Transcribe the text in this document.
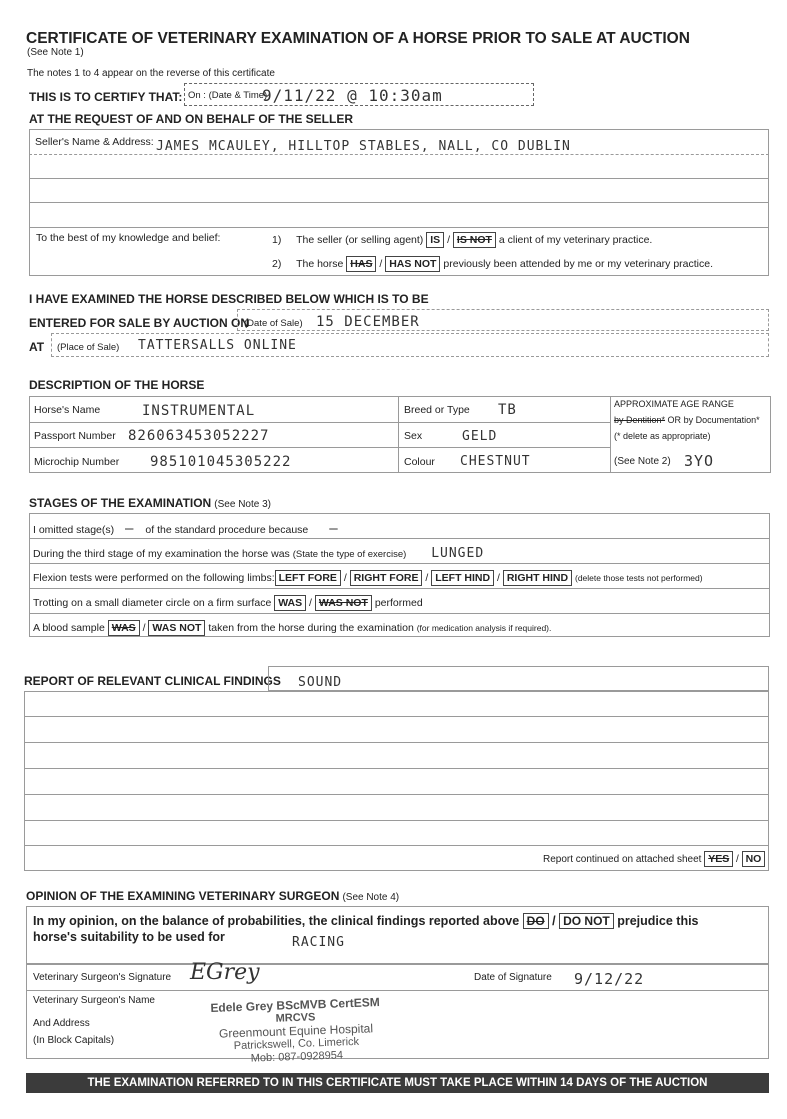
CERTIFICATE OF VETERINARY EXAMINATION OF A HORSE PRIOR TO SALE AT AUCTION
(See Note 1)
The notes 1 to 4 appear on the reverse of this certificate
THIS IS TO CERTIFY THAT: On : (Date & Time)
9/11/22 @ 10:30am
AT THE REQUEST OF AND ON BEHALF OF THE SELLER
Seller's Name & Address: JAMES MCAULEY, HILLTOP STABLES, NALL, CO DUBLIN
To the best of my knowledge and belief:	1) The seller (or selling agent) IS / IS NOT a client of my veterinary practice.
2) The horse HAS / HAS NOT previously been attended by me or my veterinary practice.
I HAVE EXAMINED THE HORSE DESCRIBED BELOW WHICH IS TO BE
ENTERED FOR SALE BY AUCTION ON
(Date of Sale) 15 DECEMBER
AT (Place of Sale) TATTERSALLS ONLINE
DESCRIPTION OF THE HORSE
Horse's Name	INSTRUMENTAL
Passport Number 826063453052227
Microchip Number 985101045305222
Breed or Type TB
Sex	GELD
Colour CHESTNUT
APPROXIMATE AGE RANGE
by Dentition* OR by Documentation*
(* delete as appropriate)
(See Note 2) 3YO
STAGES OF THE EXAMINATION (See Note 3)
I omitted stage(s) — of the standard procedure because —
During the third stage of my examination the horse was (State the type of exercise) LUNGED
Flexion tests were performed on the following limbs: LEFT FORE / RIGHT FORE / LEFT HIND / RIGHT HIND (delete those tests not performed)
Trotting on a small diameter circle on a firm surface WAS / WAS NOT performed
A blood sample WAS / WAS NOT taken from the horse during the examination (for medication analysis if required).
REPORT OF RELEVANT CLINICAL FINDINGS SOUND
Report continued on attached sheet YES / NO
OPINION OF THE EXAMINING VETERINARY SURGEON (See Note 4)
In my opinion, on the balance of probabilities, the clinical findings reported above DO / DO NOT prejudice this
horse's suitability to be used for	RACING
Veterinary Surgeon's Signature EGrey	Date of Signature 9/12/22
Veterinary Surgeon's Name
And Address
(In Block Capitals)
Edele Grey BScMVB CertESM
MRCVS
Greenmount Equine Hospital
Patrickswell, Co. Limerick
Mob: 087-0928954
THE EXAMINATION REFERRED TO IN THIS CERTIFICATE MUST TAKE PLACE WITHIN 14 DAYS OF THE AUCTION
